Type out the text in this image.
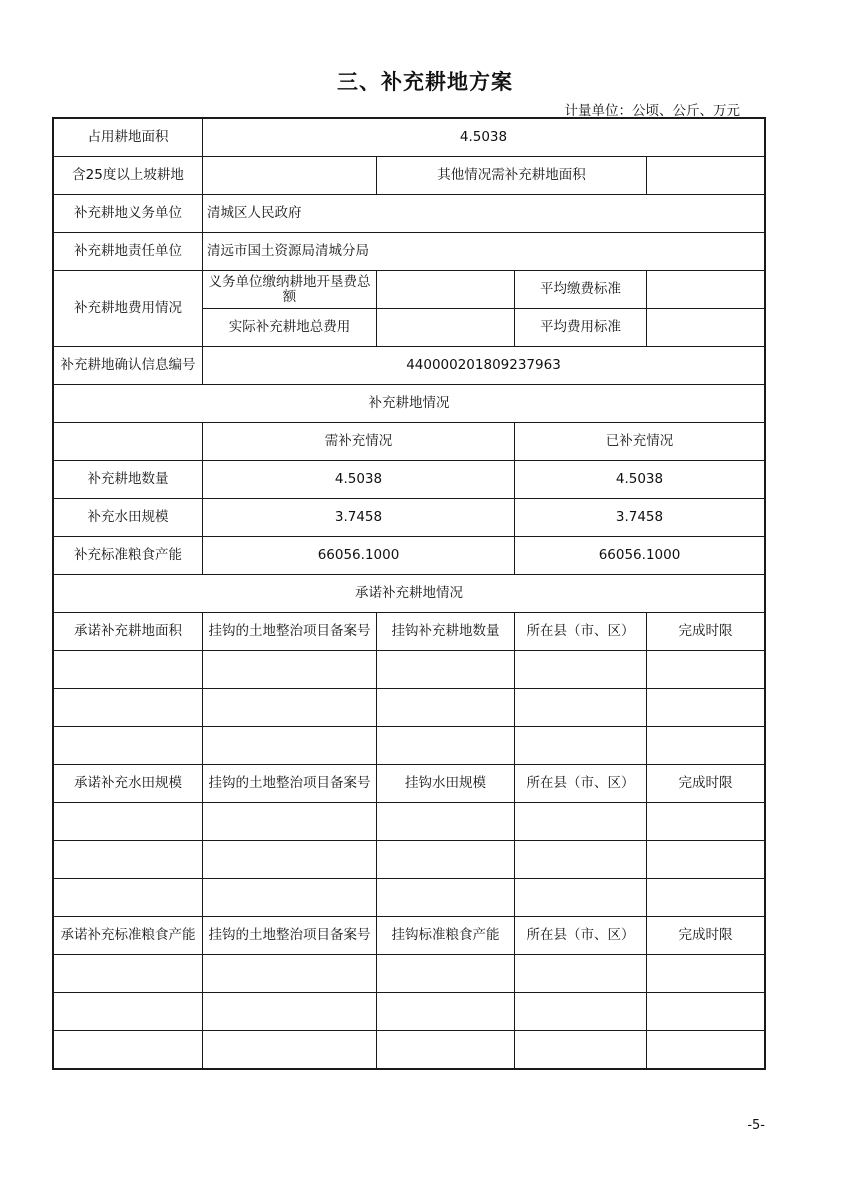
三、补充耕地方案
计量单位：公顷、公斤、万元
占用耕地面积	4.5038			
含25度以上坡耕地		其他情况需补充耕地面积		
补充耕地义务单位	清城区人民政府			
补充耕地责任单位	清远市国土资源局清城分局			
补充耕地费用情况	义务单位缴纳耕地开垦费总额		平均缴费标准	
	实际补充耕地总费用		平均费用标准	
补充耕地确认信息编号	440000201809237963			
补充耕地情况				
	需补充情况		已补充情况	
补充耕地数量	4.5038		4.5038	
补充水田规模	3.7458		3.7458	
补充标准粮食产能	66056.1000		66056.1000	
承诺补充耕地情况				
承诺补充耕地面积	挂钩的土地整治项目备案号	挂钩补充耕地数量	所在县（市、区）	完成时限

承诺补充水田规模	挂钩的土地整治项目备案号	挂钩水田规模	所在县（市、区）	完成时限

承诺补充标准粮食产能	挂钩的土地整治项目备案号	挂钩标准粮食产能	所在县（市、区）	完成时限

-5-
